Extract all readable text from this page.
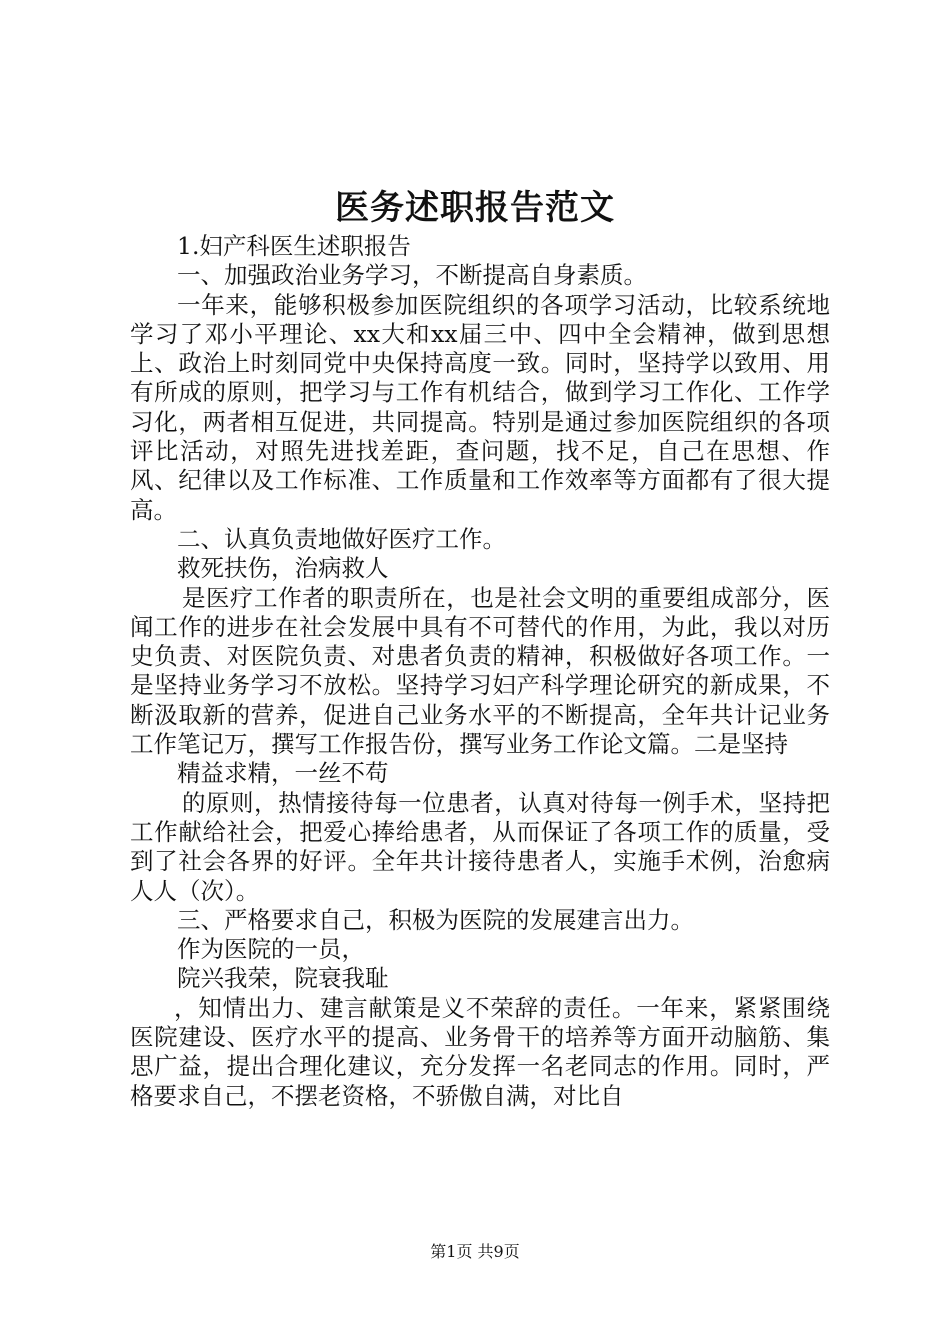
医务述职报告范文

1.妇产科医生述职报告

一、加强政治业务学习，不断提高自身素质。

一年来，能够积极参加医院组织的各项学习活动，比较系统地学习了邓小平理论、xx大和xx届三中、四中全会精神，做到思想上、政治上时刻同党中央保持高度一致。同时，坚持学以致用、用有所成的原则，把学习与工作有机结合，做到学习工作化、工作学习化，两者相互促进，共同提高。特别是通过参加医院组织的各项评比活动，对照先进找差距，查问题，找不足，自己在思想、作风、纪律以及工作标准、工作质量和工作效率等方面都有了很大提高。

二、认真负责地做好医疗工作。

救死扶伤，治病救人

是医疗工作者的职责所在，也是社会文明的重要组成部分，医闻工作的进步在社会发展中具有不可替代的作用，为此，我以对历史负责、对医院负责、对患者负责的精神，积极做好各项工作。一是坚持业务学习不放松。坚持学习妇产科学理论研究的新成果，不断汲取新的营养，促进自己业务水平的不断提高，全年共计记业务工作笔记万，撰写工作报告份，撰写业务工作论文篇。二是坚持

精益求精，一丝不苟

的原则，热情接待每一位患者，认真对待每一例手术，坚持把工作献给社会，把爱心捧给患者，从而保证了各项工作的质量，受到了社会各界的好评。全年共计接待患者人，实施手术例，治愈病人人（次）。

三、严格要求自己，积极为医院的发展建言出力。

作为医院的一员，

院兴我荣，院衰我耻

，知情出力、建言献策是义不荣辞的责任。一年来，紧紧围绕医院建设、医疗水平的提高、业务骨干的培养等方面开动脑筋、集思广益，提出合理化建议，充分发挥一名老同志的作用。同时，严格要求自己，不摆老资格，不骄傲自满，对比自

第1页 共9页
